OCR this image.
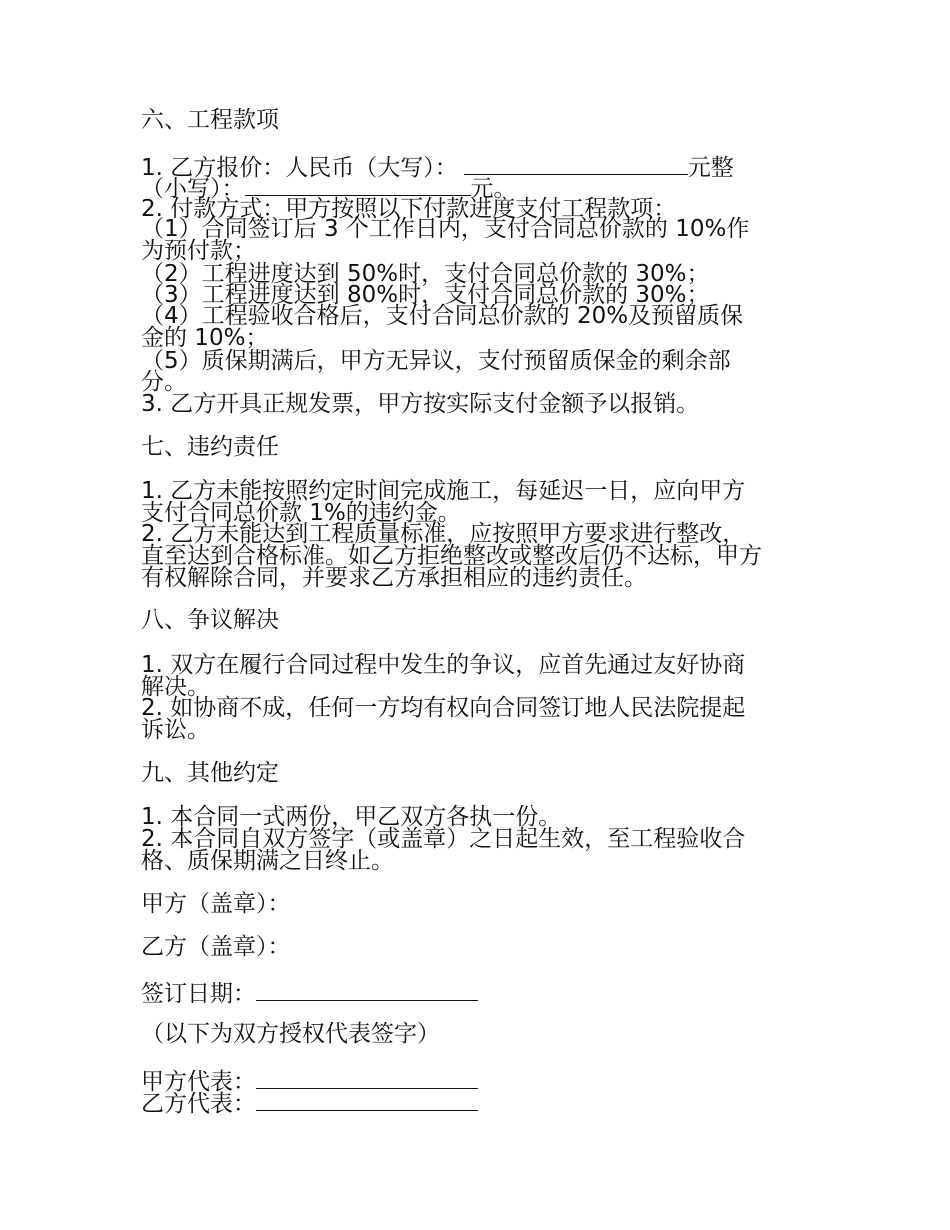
六、工程款项
1. 乙方报价：人民币（大写）：	元整
（小写）：	元。
2. 付款方式：甲方按照以下付款进度支付工程款项：
（1）合同签订后 3 个工作日内，支付合同总价款的 10%作
为预付款；
（2）工程进度达到 50%时，支付合同总价款的 30%；
（3）工程进度达到 80%时，支付合同总价款的 30%；
（4）工程验收合格后，支付合同总价款的 20%及预留质保
金的 10%；
（5）质保期满后，甲方无异议，支付预留质保金的剩余部
分。
3. 乙方开具正规发票，甲方按实际支付金额予以报销。
七、违约责任
1. 乙方未能按照约定时间完成施工，每延迟一日，应向甲方
支付合同总价款 1%的违约金。
2. 乙方未能达到工程质量标准，应按照甲方要求进行整改，
直至达到合格标准。如乙方拒绝整改或整改后仍不达标，甲方
有权解除合同，并要求乙方承担相应的违约责任。
八、争议解决
1. 双方在履行合同过程中发生的争议，应首先通过友好协商
解决。
2. 如协商不成，任何一方均有权向合同签订地人民法院提起
诉讼。
九、其他约定
1. 本合同一式两份，甲乙双方各执一份。
2. 本合同自双方签字（或盖章）之日起生效，至工程验收合
格、质保期满之日终止。
甲方（盖章）：
乙方（盖章）：
签订日期：
（以下为双方授权代表签字）
甲方代表：
乙方代表：
